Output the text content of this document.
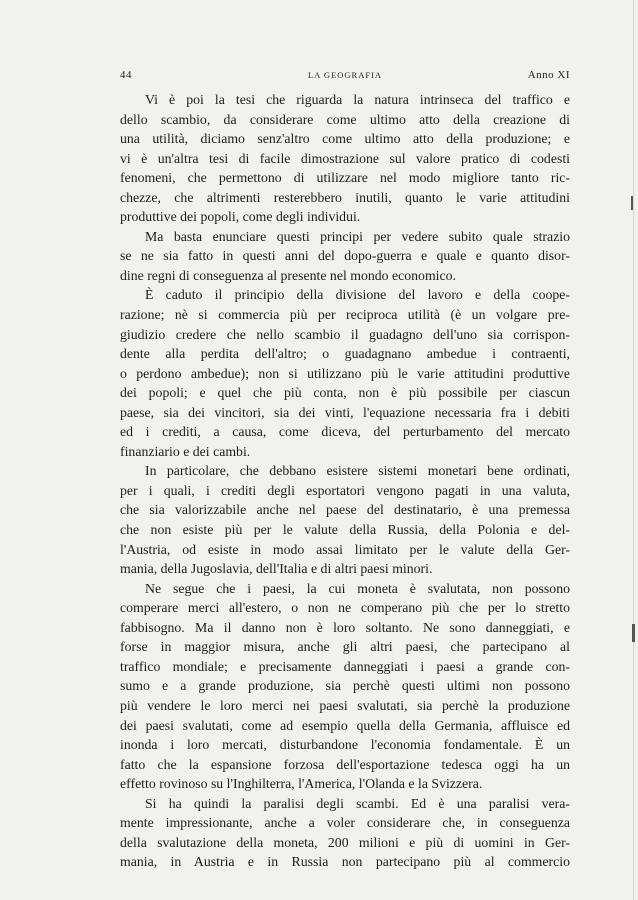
44	LA GEOGRAFIA	Anno XI
Vi è poi la tesi che riguarda la natura intrinseca del traffico e
dello scambio, da considerare come ultimo atto della creazione di
una utilità, diciamo senz'altro come ultimo atto della produzione; e
vi è un'altra tesi di facile dimostrazione sul valore pratico di codesti
fenomeni, che permettono di utilizzare nel modo migliore tanto ric-
chezze, che altrimenti resterebbero inutili, quanto le varie attitudini
produttive dei popoli, come degli individui.
Ma basta enunciare questi principi per vedere subito quale strazio
se ne sia fatto in questi anni del dopo-guerra e quale e quanto disor-
dine regni di conseguenza al presente nel mondo economico.
È caduto il principio della divisione del lavoro e della coope-
razione; nè si commercia più per reciproca utilità (è un volgare pre-
giudizio credere che nello scambio il guadagno dell'uno sia corrispon-
dente alla perdita dell'altro; o guadagnano ambedue i contraenti,
o perdono ambedue); non si utilizzano più le varie attitudini produttive
dei popoli; e quel che più conta, non è più possibile per ciascun
paese, sia dei vincitori, sia dei vinti, l'equazione necessaria fra i debiti
ed i crediti, a causa, come diceva, del perturbamento del mercato
finanziario e dei cambi.
In particolare, che debbano esistere sistemi monetari bene ordinati,
per i quali, i crediti degli esportatori vengono pagati in una valuta,
che sia valorizzabile anche nel paese del destinatario, è una premessa
che non esiste più per le valute della Russia, della Polonia e del-
l'Austria, od esiste in modo assai limitato per le valute della Ger-
mania, della Jugoslavia, dell'Italia e di altri paesi minori.
Ne segue che i paesi, la cui moneta è svalutata, non possono
comperare merci all'estero, o non ne comperano più che per lo stretto
fabbisogno. Ma il danno non è loro soltanto. Ne sono danneggiati, e
forse in maggior misura, anche gli altri paesi, che partecipano al
traffico mondiale; e precisamente danneggiati i paesi a grande con-
sumo e a grande produzione, sia perchè questi ultimi non possono
più vendere le loro merci nei paesi svalutati, sia perchè la produzione
dei paesi svalutati, come ad esempio quella della Germania, affluisce ed
inonda i loro mercati, disturbandone l'economia fondamentale. È un
fatto che la espansione forzosa dell'esportazione tedesca oggi ha un
effetto rovinoso su l'Inghilterra, l'America, l'Olanda e la Svizzera.
Si ha quindi la paralisi degli scambi. Ed è una paralisi vera-
mente impressionante, anche a voler considerare che, in conseguenza
della svalutazione della moneta, 200 milioni e più di uomini in Ger-
mania, in Austria e in Russia non partecipano più al commercio
